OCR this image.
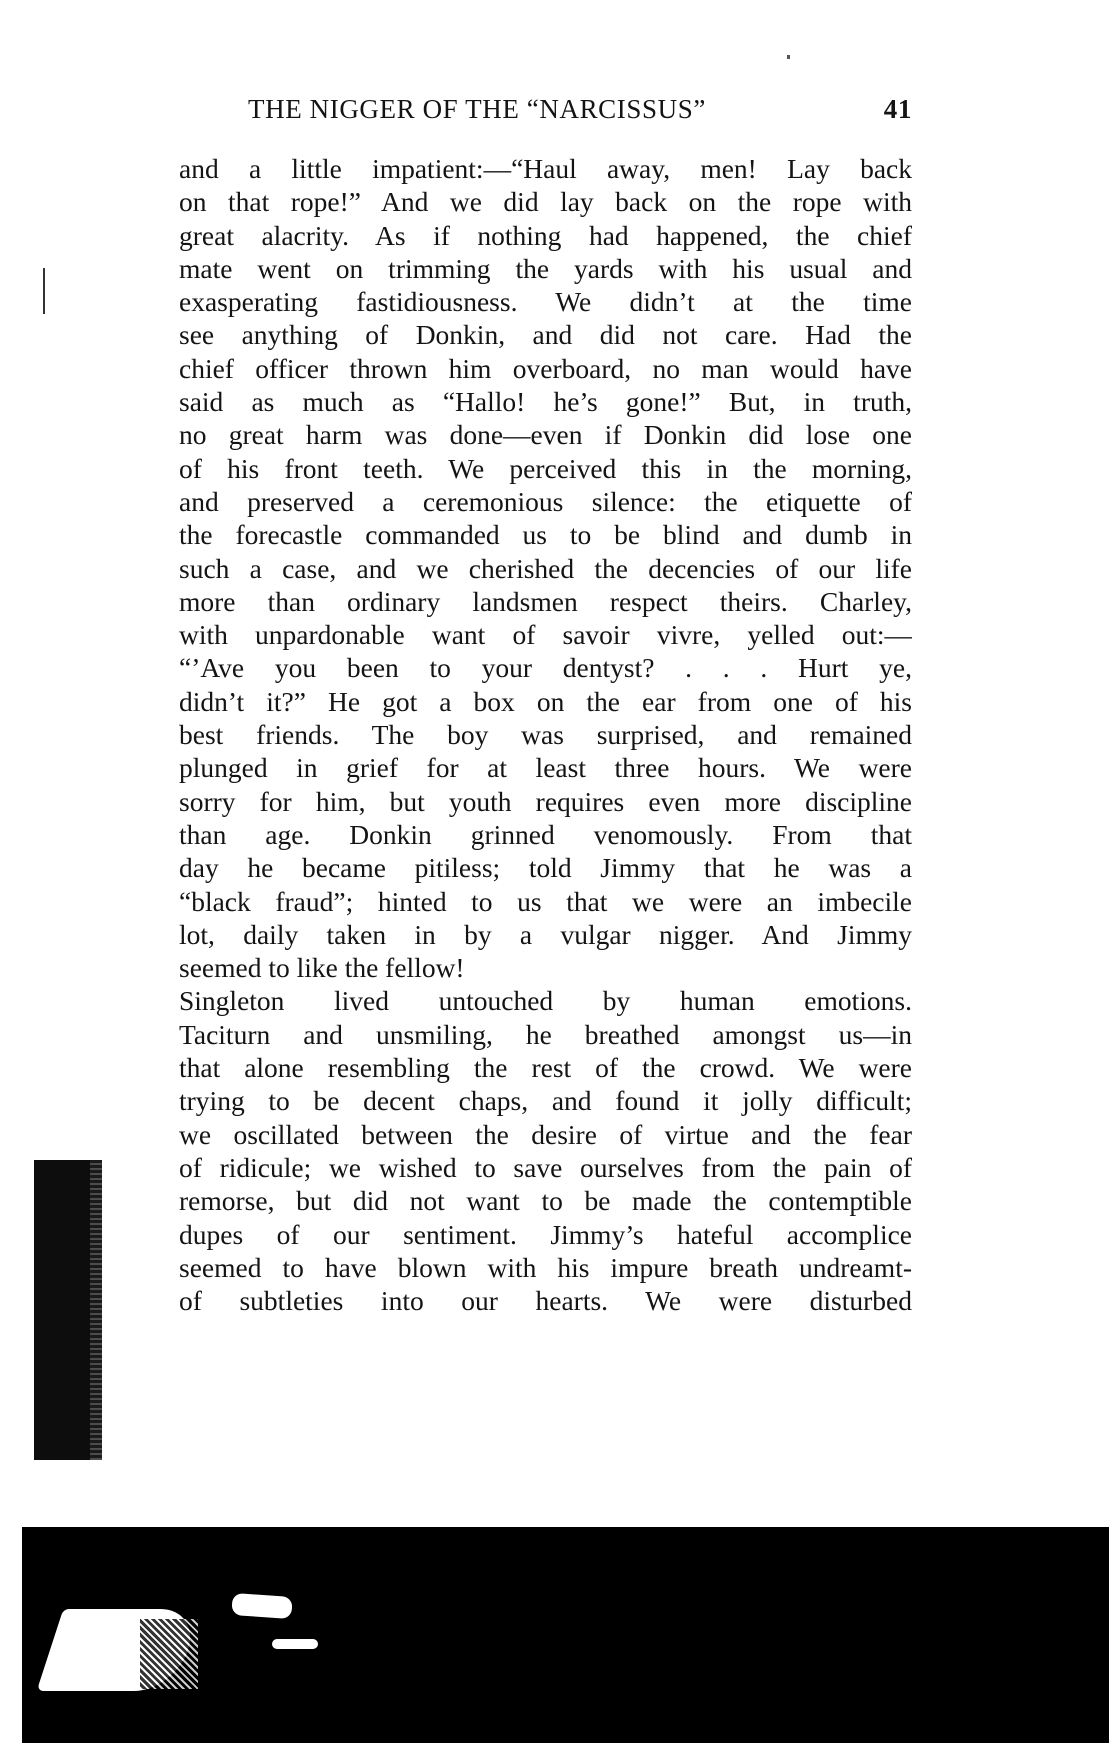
THE NIGGER OF THE “NARCISSUS”	41
and a little impatient:—“Haul away, men! Lay back
on that rope!” And we did lay back on the rope with
great alacrity. As if nothing had happened, the chief
mate went on trimming the yards with his usual and
exasperating fastidiousness. We didn’t at the time
see anything of Donkin, and did not care. Had the
chief officer thrown him overboard, no man would have
said as much as “Hallo! he’s gone!” But, in truth,
no great harm was done—even if Donkin did lose one
of his front teeth. We perceived this in the morning,
and preserved a ceremonious silence: the etiquette of
the forecastle commanded us to be blind and dumb in
such a case, and we cherished the decencies of our life
more than ordinary landsmen respect theirs. Charley,
with unpardonable want of savoir vivre, yelled out:—
“’Ave you been to your dentyst? . . . Hurt ye,
didn’t it?” He got a box on the ear from one of his
best friends. The boy was surprised, and remained
plunged in grief for at least three hours. We were
sorry for him, but youth requires even more discipline
than age. Donkin grinned venomously. From that
day he became pitiless; told Jimmy that he was a
“black fraud”; hinted to us that we were an imbecile
lot, daily taken in by a vulgar nigger. And Jimmy
seemed to like the fellow!
Singleton lived untouched by human emotions.
Taciturn and unsmiling, he breathed amongst us—in
that alone resembling the rest of the crowd. We were
trying to be decent chaps, and found it jolly difficult;
we oscillated between the desire of virtue and the fear
of ridicule; we wished to save ourselves from the pain of
remorse, but did not want to be made the contemptible
dupes of our sentiment. Jimmy’s hateful accomplice
seemed to have blown with his impure breath undreamt-
of subtleties into our hearts. We were disturbed
